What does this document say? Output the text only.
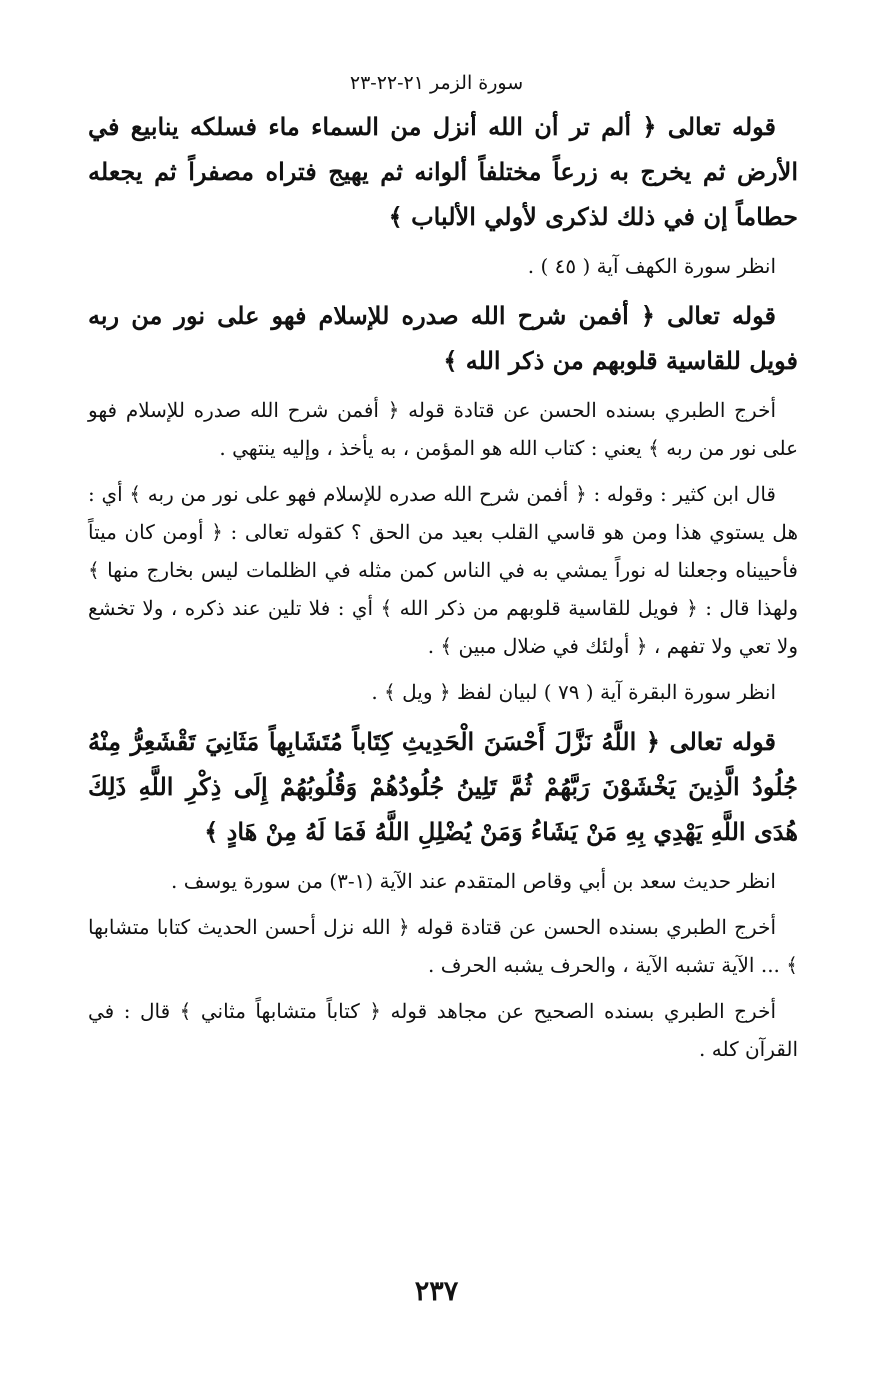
سورة الزمر ٢١-٢٢-٢٣

قوله تعالى ﴿ ألم تر أن الله أنزل من السماء ماء فسلكه ينابيع في الأرض ثم يخرج به زرعاً مختلفاً ألوانه ثم يهيج فتراه مصفراً ثم يجعله حطاماً إن في ذلك لذكرى لأولي الألباب ﴾

انظر سورة الكهف آية ( ٤٥ ) .

قوله تعالى ﴿ أفمن شرح الله صدره للإسلام فهو على نور من ربه فويل للقاسية قلوبهم من ذكر الله ﴾

أخرج الطبري بسنده الحسن عن قتادة قوله ﴿ أفمن شرح الله صدره للإسلام فهو على نور من ربه ﴾ يعني : كتاب الله هو المؤمن ، به يأخذ ، وإليه ينتهي .

قال ابن كثير : وقوله : ﴿ أفمن شرح الله صدره للإسلام فهو على نور من ربه ﴾ أي : هل يستوي هذا ومن هو قاسي القلب بعيد من الحق ؟ كقوله تعالى : ﴿ أومن كان ميتاً فأحييناه وجعلنا له نوراً يمشي به في الناس كمن مثله في الظلمات ليس بخارج منها ﴾ ولهذا قال : ﴿ فويل للقاسية قلوبهم من ذكر الله ﴾ أي : فلا تلين عند ذكره ، ولا تخشع ولا تعي ولا تفهم ، ﴿ أولئك في ضلال مبين ﴾ .

انظر سورة البقرة آية ( ٧٩ ) لبيان لفظ ﴿ ويل ﴾ .

قوله تعالى ﴿ اللَّهُ نَزَّلَ أَحْسَنَ الْحَدِيثِ كِتَاباً مُتَشَابِهاً مَثَانِيَ تَقْشَعِرُّ مِنْهُ جُلُودُ الَّذِينَ يَخْشَوْنَ رَبَّهُمْ ثُمَّ تَلِينُ جُلُودُهُمْ وَقُلُوبُهُمْ إِلَى ذِكْرِ اللَّهِ ذَلِكَ هُدَى اللَّهِ يَهْدِي بِهِ مَنْ يَشَاءُ وَمَنْ يُضْلِلِ اللَّهُ فَمَا لَهُ مِنْ هَادٍ ﴾

انظر حديث سعد بن أبي وقاص المتقدم عند الآية (١-٣) من سورة يوسف .

أخرج الطبري بسنده الحسن عن قتادة قوله ﴿ الله نزل أحسن الحديث كتابا متشابها ﴾ ... الآية تشبه الآية ، والحرف يشبه الحرف .

أخرج الطبري بسنده الصحيح عن مجاهد قوله ﴿ كتاباً متشابهاً مثاني ﴾ قال : في القرآن كله .

٢٣٧
